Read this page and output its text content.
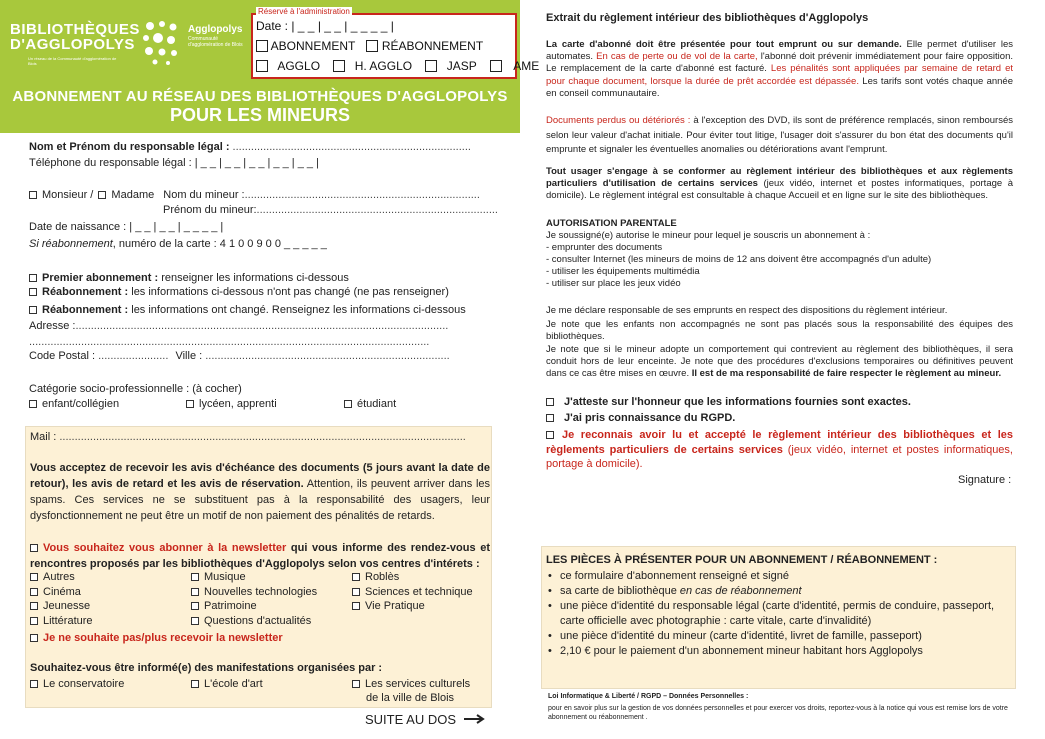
BIBLIOTHÈQUES
D'AGGLOPOLYS
Un réseau de la Communauté d'agglomération de Blois
Agglopolys
Communauté d'agglomération de Blois
Date : | _ _ | _ _ | _ _ _ _ |
ABONNEMENT RÉABONNEMENT
AGGLO	H. AGGLO	JASP	AME
Réservé à l'administration
ABONNEMENT AU RÉSEAU DES BIBLIOTHÈQUES D'AGGLOPOLYS
POUR LES MINEURS
Nom et Prénom du responsable légal : ..............................................................................
Téléphone du responsable légal : | _ _ | _ _ | _ _ | _ _ | _ _ |
Monsieur / Madame Nom du mineur :.............................................................................
Prénom du mineur:...............................................................................
Date de naissance : | _ _ | _ _ | _ _ _ _ |
Si réabonnement, numéro de la carte : 4 1 0 0 9 0 0 _ _ _ _ _
Premier abonnement : renseigner les informations ci-dessous
Réabonnement : les informations ci-dessous n'ont pas changé (ne pas renseigner)
Réabonnement : les informations ont changé. Renseignez les informations ci-dessous
Adresse :..........................................................................................................................
...................................................................................................................................
Code Postal : ....................... Ville : ................................................................................
Catégorie socio-professionnelle : (à cocher)
enfant/collégien	lycéen, apprenti	étudiant
Mail : .....................................................................................................................................
Vous acceptez de recevoir les avis d'échéance des documents (5 jours avant la date de retour), les avis de retard et les avis de réservation. Attention, ils peuvent arriver dans les spams. Ces services ne se substituent pas à la responsabilité des usagers, leur dysfonctionnement ne peut être un motif de non paiement des pénalités de retards.
Vous souhaitez vous abonner à la newsletter qui vous informe des rendez-vous et rencontres proposés par les bibliothèques d'Agglopolys selon vos centres d'intérets :
Autres	Musique	Roblès
Cinéma	Nouvelles technologies	Sciences et technique
Jeunesse	Patrimoine	Vie Pratique
Littérature	Questions d'actualités
Je ne souhaite pas/plus recevoir la newsletter
Souhaitez-vous être informé(e) des manifestations organisées par :
Le conservatoire	L'école d'art	Les services culturels
de la ville de Blois
SUITE AU DOS
Extrait du règlement intérieur des bibliothèques d'Agglopolys
La carte d'abonné doit être présentée pour tout emprunt ou sur demande. Elle permet d'utiliser les automates. En cas de perte ou de vol de la carte, l'abonné doit prévenir immédiatement pour faire opposition. Le remplacement de la carte d'abonné est facturé. Les pénalités sont appliquées par semaine de retard et pour chaque document, lorsque la durée de prêt accordée est dépassée. Les tarifs sont votés chaque année en conseil communautaire.
Documents perdus ou détériorés : à l'exception des DVD, ils sont de préférence remplacés, sinon remboursés selon leur valeur d'achat initiale. Pour éviter tout litige, l'usager doit s'assurer du bon état des documents qu'il emprunte et signaler les éventuelles anomalies ou détériorations avant l'emprunt.
Tout usager s'engage à se conformer au règlement intérieur des bibliothèques et aux règlements particuliers d'utilisation de certains services (jeux vidéo, internet et postes informatiques, portage à domicile). Le règlement intégral est consultable à chaque Accueil et en ligne sur le site des bibliothèques.
AUTORISATION PARENTALE
Je soussigné(e) autorise le mineur pour lequel je souscris un abonnement à :
- emprunter des documents
- consulter Internet (les mineurs de moins de 12 ans doivent être accompagnés d'un adulte)
- utiliser les équipements multimédia
- utiliser sur place les jeux vidéo
Je me déclare responsable de ses emprunts en respect des dispositions du règlement intérieur.
Je note que les enfants non accompagnés ne sont pas placés sous la responsabilité des équipes des bibliothèques.
Je note que si le mineur adopte un comportement qui contrevient au règlement des bibliothèques, il sera conduit hors de leur enceinte. Je note que des procédures d'exclusions temporaires ou définitives peuvent dans ce cas être mises en œuvre. Il est de ma responsabilité de faire respecter le règlement au mineur.
J'atteste sur l'honneur que les informations fournies sont exactes.
J'ai pris connaissance du RGPD.
Je reconnais avoir lu et accepté le règlement intérieur des bibliothèques et les règlements particuliers de certains services (jeux vidéo, internet et postes informatiques, portage à domicile).
Signature :
LES PIÈCES À PRÉSENTER POUR UN ABONNEMENT / RÉABONNEMENT :
• ce formulaire d'abonnement renseigné et signé
• sa carte de bibliothèque en cas de réabonnement
• une pièce d'identité du responsable légal (carte d'identité, permis de conduire, passeport, carte officielle avec photographie : carte vitale, carte d'invalidité)
• une pièce d'identité du mineur (carte d'identité, livret de famille, passeport)
• 2,10 € pour le paiement d'un abonnement mineur habitant hors Agglopolys
Loi Informatique & Liberté / RGPD – Données Personnelles :
pour en savoir plus sur la gestion de vos données personnelles et pour exercer vos droits, reportez-vous à la notice qui vous est remise lors de votre abonnement ou réabonnement .
